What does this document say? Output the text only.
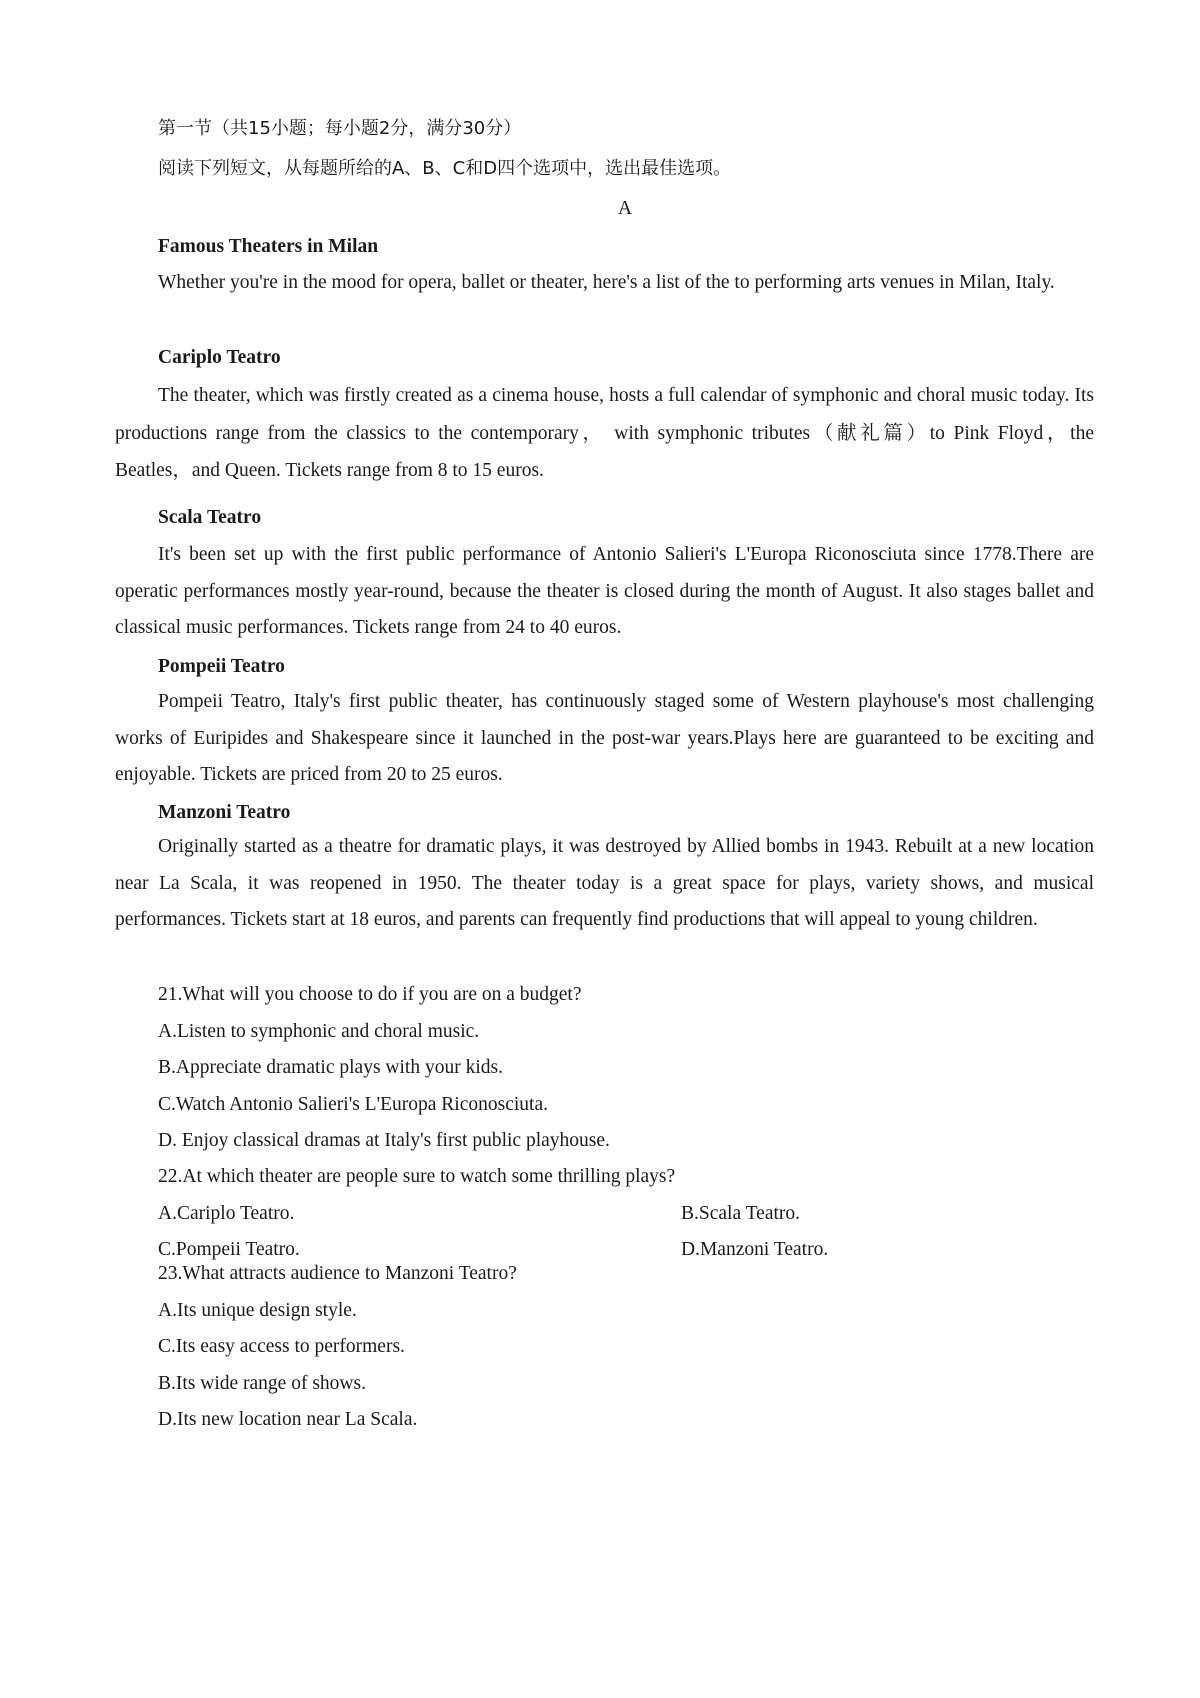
第一节（共15小题；每小题2分，满分30分）
阅读下列短文，从每题所给的A、B、C和D四个选项中，选出最佳选项。
A
Famous Theaters in Milan
Whether you're in the mood for opera, ballet or theater, here's a list of the to performing arts venues in Milan, Italy.
Cariplo Teatro
The theater, which was firstly created as a cinema house, hosts a full calendar of symphonic and choral music today. Its productions range from the classics to the contemporary， with symphonic tributes（献礼篇）to Pink Floyd，the Beatles，and Queen. Tickets range from 8 to 15 euros.
Scala Teatro
It's been set up with the first public performance of Antonio Salieri's L'Europa Riconosciuta since 1778.There are operatic performances mostly year-round, because the theater is closed during the month of August. It also stages ballet and classical music performances. Tickets range from 24 to 40 euros.
Pompeii Teatro
Pompeii Teatro, Italy's first public theater, has continuously staged some of Western playhouse's most challenging works of Euripides and Shakespeare since it launched in the post-war years.Plays here are guaranteed to be exciting and enjoyable. Tickets are priced from 20 to 25 euros.
Manzoni Teatro
Originally started as a theatre for dramatic plays, it was destroyed by Allied bombs in 1943. Rebuilt at a new location near La Scala, it was reopened in 1950. The theater today is a great space for plays, variety shows, and musical performances. Tickets start at 18 euros, and parents can frequently find productions that will appeal to young children.
21.What will you choose to do if you are on a budget?
A.Listen to symphonic and choral music.
B.Appreciate dramatic plays with your kids.
C.Watch Antonio Salieri's L'Europa Riconosciuta.
D. Enjoy classical dramas at Italy's first public playhouse.
22.At which theater are people sure to watch some thrilling plays?
A.Cariplo Teatro.	B.Scala Teatro.
C.Pompeii Teatro.	D.Manzoni Teatro.
23.What attracts audience to Manzoni Teatro?
A.Its unique design style.
C.Its easy access to performers.
B.Its wide range of shows.
D.Its new location near La Scala.
